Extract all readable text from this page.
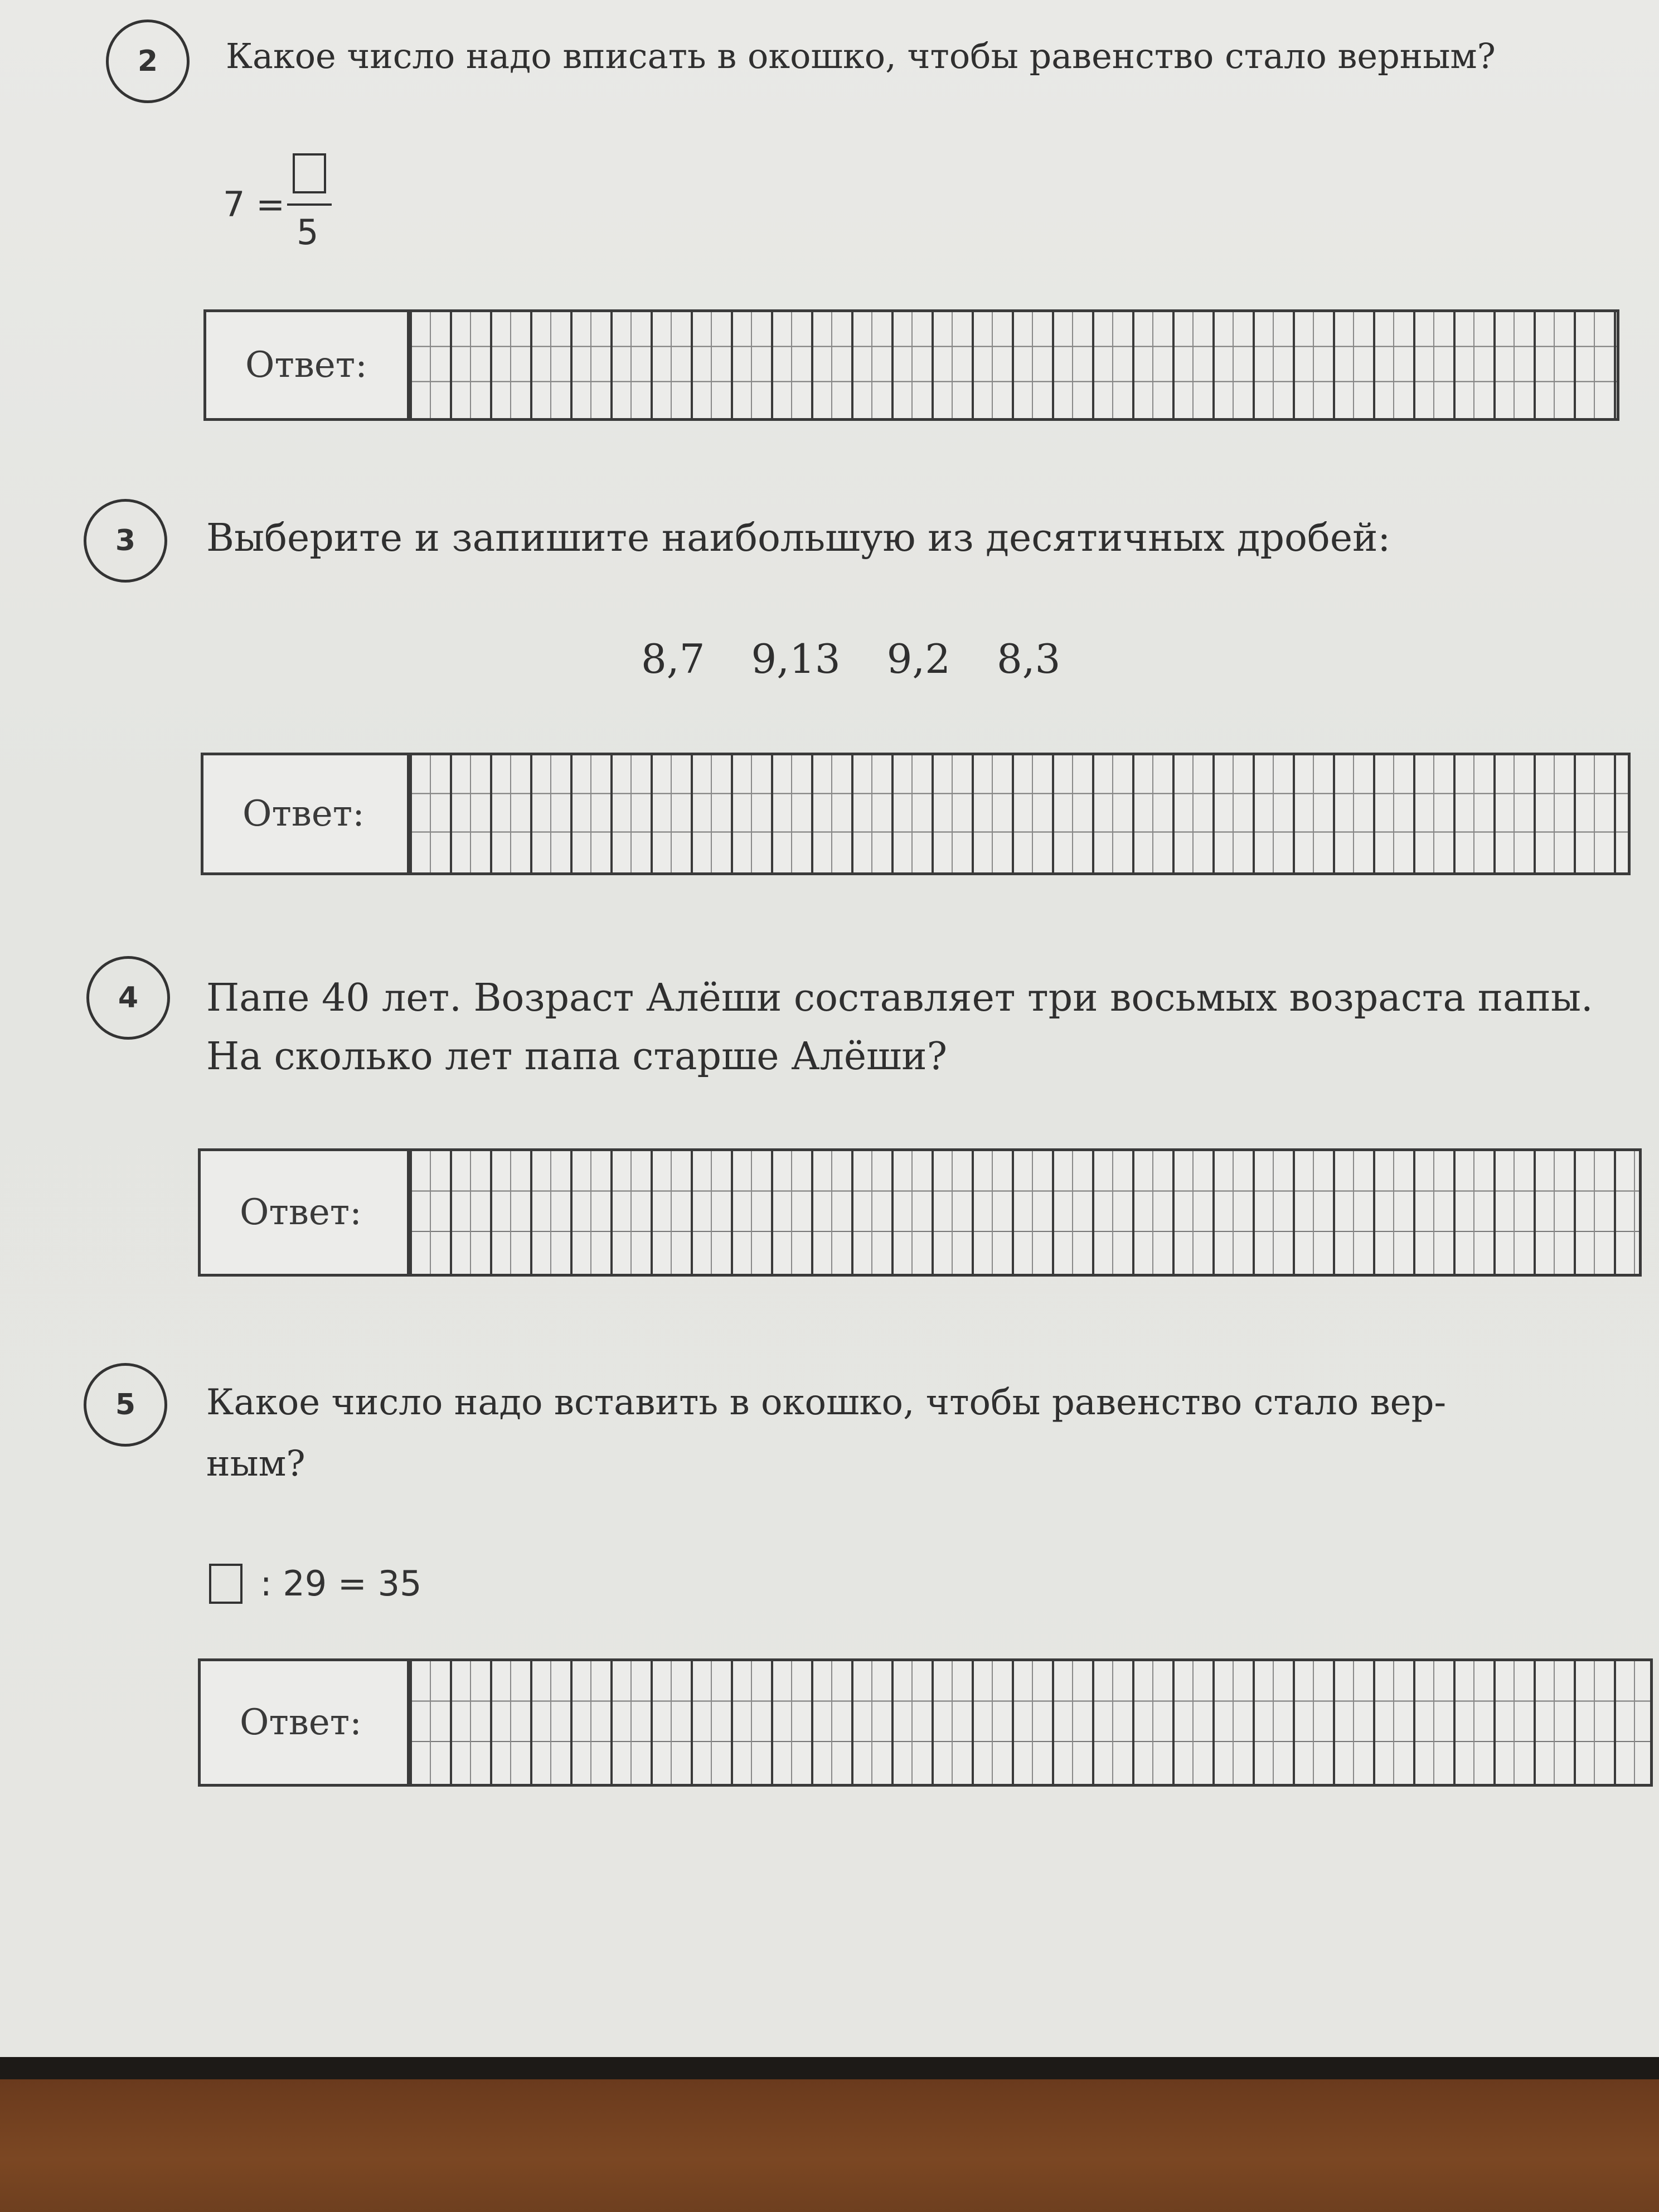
2	Какое число надо вписать в окошко, чтобы равенство стало верным?
7 =
5
Ответ:
3	Выберите и запишите наибольшую из десятичных дробей:
8,7 9,13 9,2 8,3
Ответ:
4	Папе 40 лет. Возраст Алёши составляет три восьмых возраста папы.
На сколько лет папа старше Алёши?
Ответ:
5	Какое число надо вставить в окошко, чтобы равенство стало вер-
ным?
: 29 = 35
Ответ:
